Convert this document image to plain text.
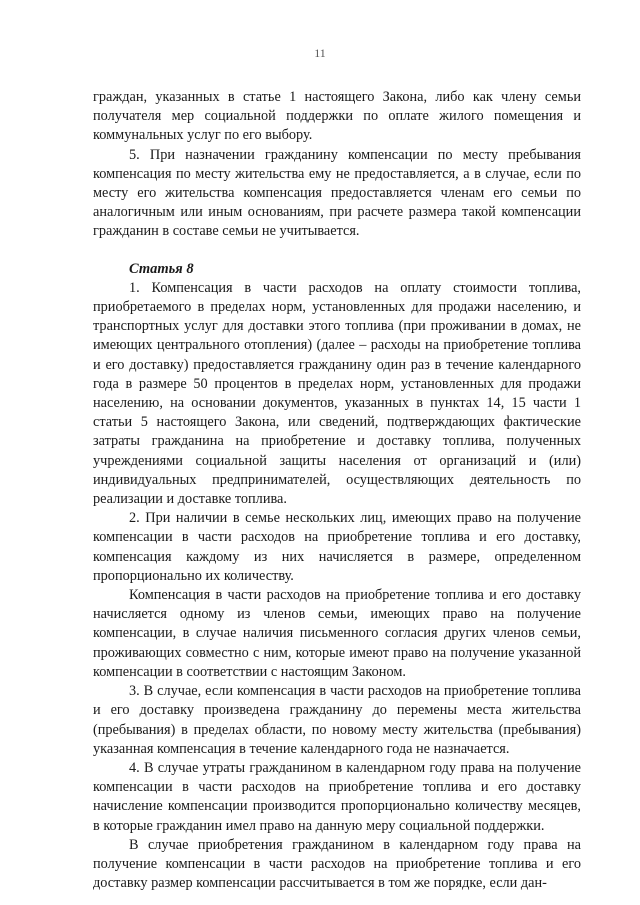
11

граждан, указанных в статье 1 настоящего Закона, либо как члену семьи получателя мер социальной поддержки по оплате жилого помещения и коммунальных услуг по его выбору.

5. При назначении гражданину компенсации по месту пребывания компенсация по месту жительства ему не предоставляется, а в случае, если по месту его жительства компенсация предоставляется членам его семьи по аналогичным или иным основаниям, при расчете размера такой компенсации гражданин в составе семьи не учитывается.

Статья 8

1. Компенсация в части расходов на оплату стоимости топлива, приобретаемого в пределах норм, установленных для продажи населению, и транспортных услуг для доставки этого топлива (при проживании в домах, не имеющих центрального отопления) (далее – расходы на приобретение топлива и его доставку) предоставляется гражданину один раз в течение календарного года в размере 50 процентов в пределах норм, установленных для продажи населению, на основании документов, указанных в пунктах 14, 15 части 1 статьи 5 настоящего Закона, или сведений, подтверждающих фактические затраты гражданина на приобретение и доставку топлива, полученных учреждениями социальной защиты населения от организаций и (или) индивидуальных предпринимателей, осуществляющих деятельность по реализации и доставке топлива.

2. При наличии в семье нескольких лиц, имеющих право на получение компенсации в части расходов на приобретение топлива и его доставку, компенсация каждому из них начисляется в размере, определенном пропорционально их количеству.

Компенсация в части расходов на приобретение топлива и его доставку начисляется одному из членов семьи, имеющих право на получение компенсации, в случае наличия письменного согласия других членов семьи, проживающих совместно с ним, которые имеют право на получение указанной компенсации в соответствии с настоящим Законом.

3. В случае, если компенсация в части расходов на приобретение топлива и его доставку произведена гражданину до перемены места жительства (пребывания) в пределах области, по новому месту жительства (пребывания) указанная компенсация в течение календарного года не назначается.

4. В случае утраты гражданином в календарном году права на получение компенсации в части расходов на приобретение топлива и его доставку начисление компенсации производится пропорционально количеству месяцев, в которые гражданин имел право на данную меру социальной поддержки.

В случае приобретения гражданином в календарном году права на получение компенсации в части расходов на приобретение топлива и его доставку размер компенсации рассчитывается в том же порядке, если дан-
